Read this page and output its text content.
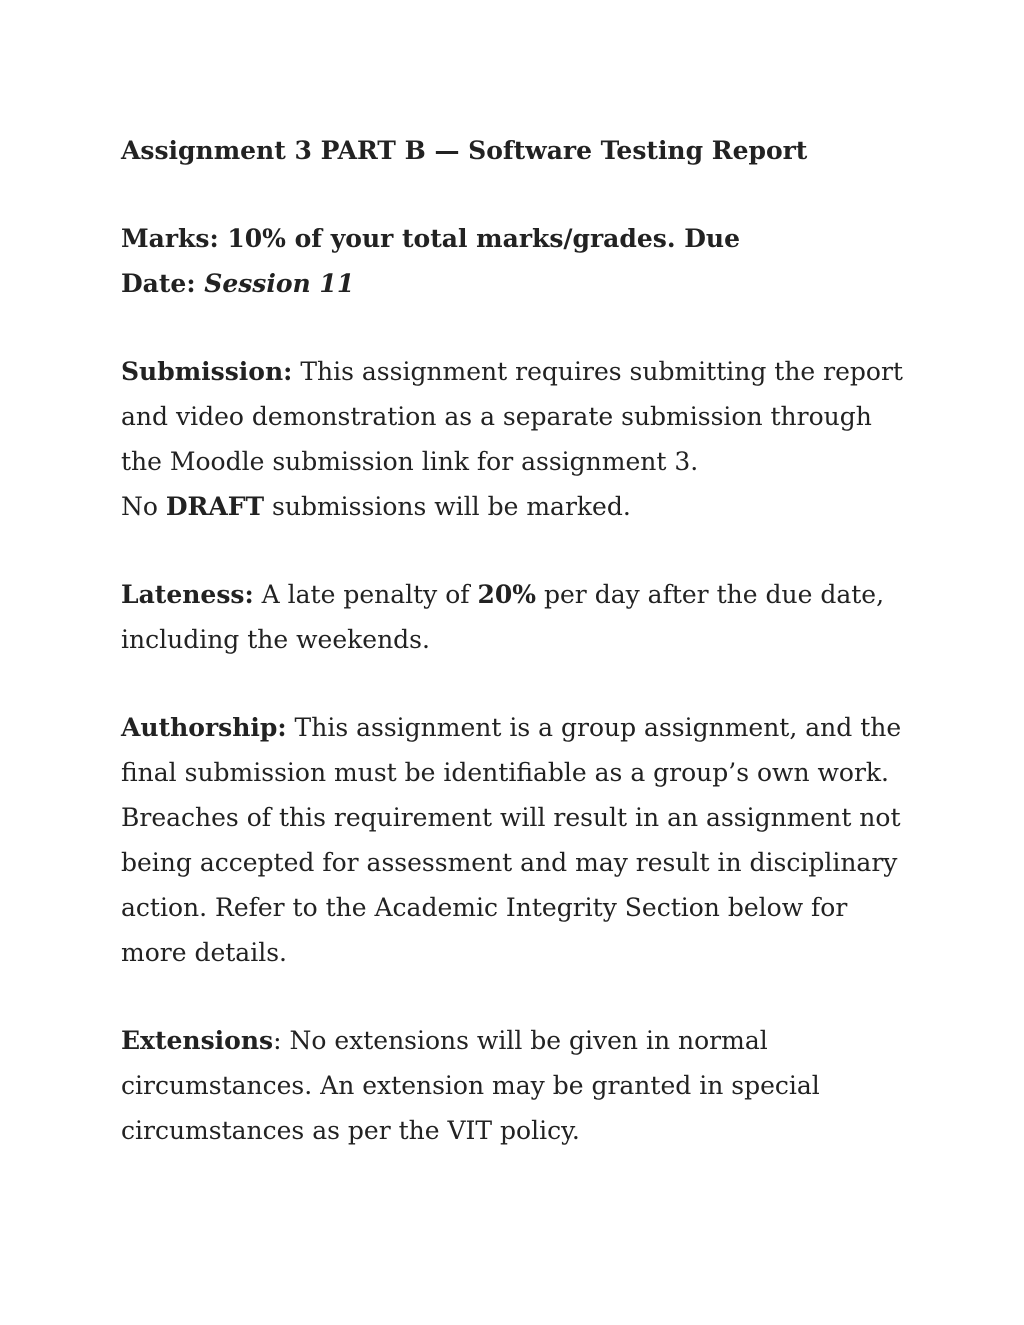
Assignment 3 PART B — Software Testing Report
Marks: 10% of your total marks/grades. Due
Date: Session 11
Submission: This assignment requires submitting the report and video demonstration as a separate submission through the Moodle submission link for assignment 3.
No DRAFT submissions will be marked.
Lateness: A late penalty of 20% per day after the due date, including the weekends.
Authorship: This assignment is a group assignment, and the final submission must be identifiable as a group’s own work. Breaches of this requirement will result in an assignment not being accepted for assessment and may result in disciplinary action. Refer to the Academic Integrity Section below for more details.
Extensions: No extensions will be given in normal circumstances. An extension may be granted in special circumstances as per the VIT policy.
